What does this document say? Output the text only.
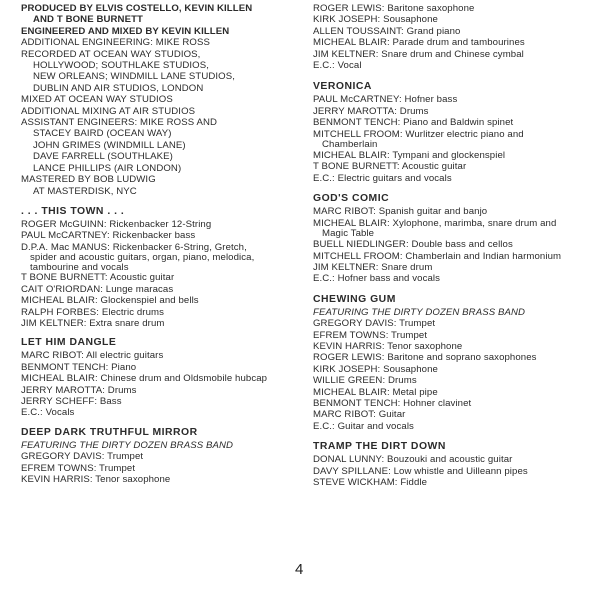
PRODUCED BY ELVIS COSTELLO, KEVIN KILLEN
AND T BONE BURNETT
ENGINEERED AND MIXED BY KEVIN KILLEN
ADDITIONAL ENGINEERING: MIKE ROSS
RECORDED AT OCEAN WAY STUDIOS,
HOLLYWOOD; SOUTHLAKE STUDIOS,
NEW ORLEANS; WINDMILL LANE STUDIOS,
DUBLIN AND AIR STUDIOS, LONDON
MIXED AT OCEAN WAY STUDIOS
ADDITIONAL MIXING AT AIR STUDIOS
ASSISTANT ENGINEERS: MIKE ROSS AND
STACEY BAIRD (OCEAN WAY)
JOHN GRIMES (WINDMILL LANE)
DAVE FARRELL (SOUTHLAKE)
LANCE PHILLIPS (AIR LONDON)
MASTERED BY BOB LUDWIG
AT MASTERDISK, NYC
. . . THIS TOWN . . .
ROGER McGUINN: Rickenbacker 12-String
PAUL McCARTNEY: Rickenbacker bass
D.P.A. Mac MANUS: Rickenbacker 6-String, Gretch,
spider and acoustic guitars, organ, piano, melodica,
tambourine and vocals
T BONE BURNETT: Acoustic guitar
CAIT O'RIORDAN: Lunge maracas
MICHEAL BLAIR: Glockenspiel and bells
RALPH FORBES: Electric drums
JIM KELTNER: Extra snare drum
LET HIM DANGLE
MARC RIBOT: All electric guitars
BENMONT TENCH: Piano
MICHEAL BLAIR: Chinese drum and Oldsmobile hubcap
JERRY MAROTTA: Drums
JERRY SCHEFF: Bass
E.C.: Vocals
DEEP DARK TRUTHFUL MIRROR
FEATURING THE DIRTY DOZEN BRASS BAND
GREGORY DAVIS: Trumpet
EFREM TOWNS: Trumpet
KEVIN HARRIS: Tenor saxophone
ROGER LEWIS: Baritone saxophone
KIRK JOSEPH: Sousaphone
ALLEN TOUSSAINT: Grand piano
MICHEAL BLAIR: Parade drum and tambourines
JIM KELTNER: Snare drum and Chinese cymbal
E.C.: Vocal
VERONICA
PAUL McCARTNEY: Hofner bass
JERRY MAROTTA: Drums
BENMONT TENCH: Piano and Baldwin spinet
MITCHELL FROOM: Wurlitzer electric piano and
Chamberlain
MICHEAL BLAIR: Tympani and glockenspiel
T BONE BURNETT: Acoustic guitar
E.C.: Electric guitars and vocals
GOD'S COMIC
MARC RIBOT: Spanish guitar and banjo
MICHEAL BLAIR: Xylophone, marimba, snare drum and
Magic Table
BUELL NIEDLINGER: Double bass and cellos
MITCHELL FROOM: Chamberlain and Indian harmonium
JIM KELTNER: Snare drum
E.C.: Hofner bass and vocals
CHEWING GUM
FEATURING THE DIRTY DOZEN BRASS BAND
GREGORY DAVIS: Trumpet
EFREM TOWNS: Trumpet
KEVIN HARRIS: Tenor saxophone
ROGER LEWIS: Baritone and soprano saxophones
KIRK JOSEPH: Sousaphone
WILLIE GREEN: Drums
MICHEAL BLAIR: Metal pipe
BENMONT TENCH: Hohner clavinet
MARC RIBOT: Guitar
E.C.: Guitar and vocals
TRAMP THE DIRT DOWN
DONAL LUNNY: Bouzouki and acoustic guitar
DAVY SPILLANE: Low whistle and Uilleann pipes
STEVE WICKHAM: Fiddle
4
